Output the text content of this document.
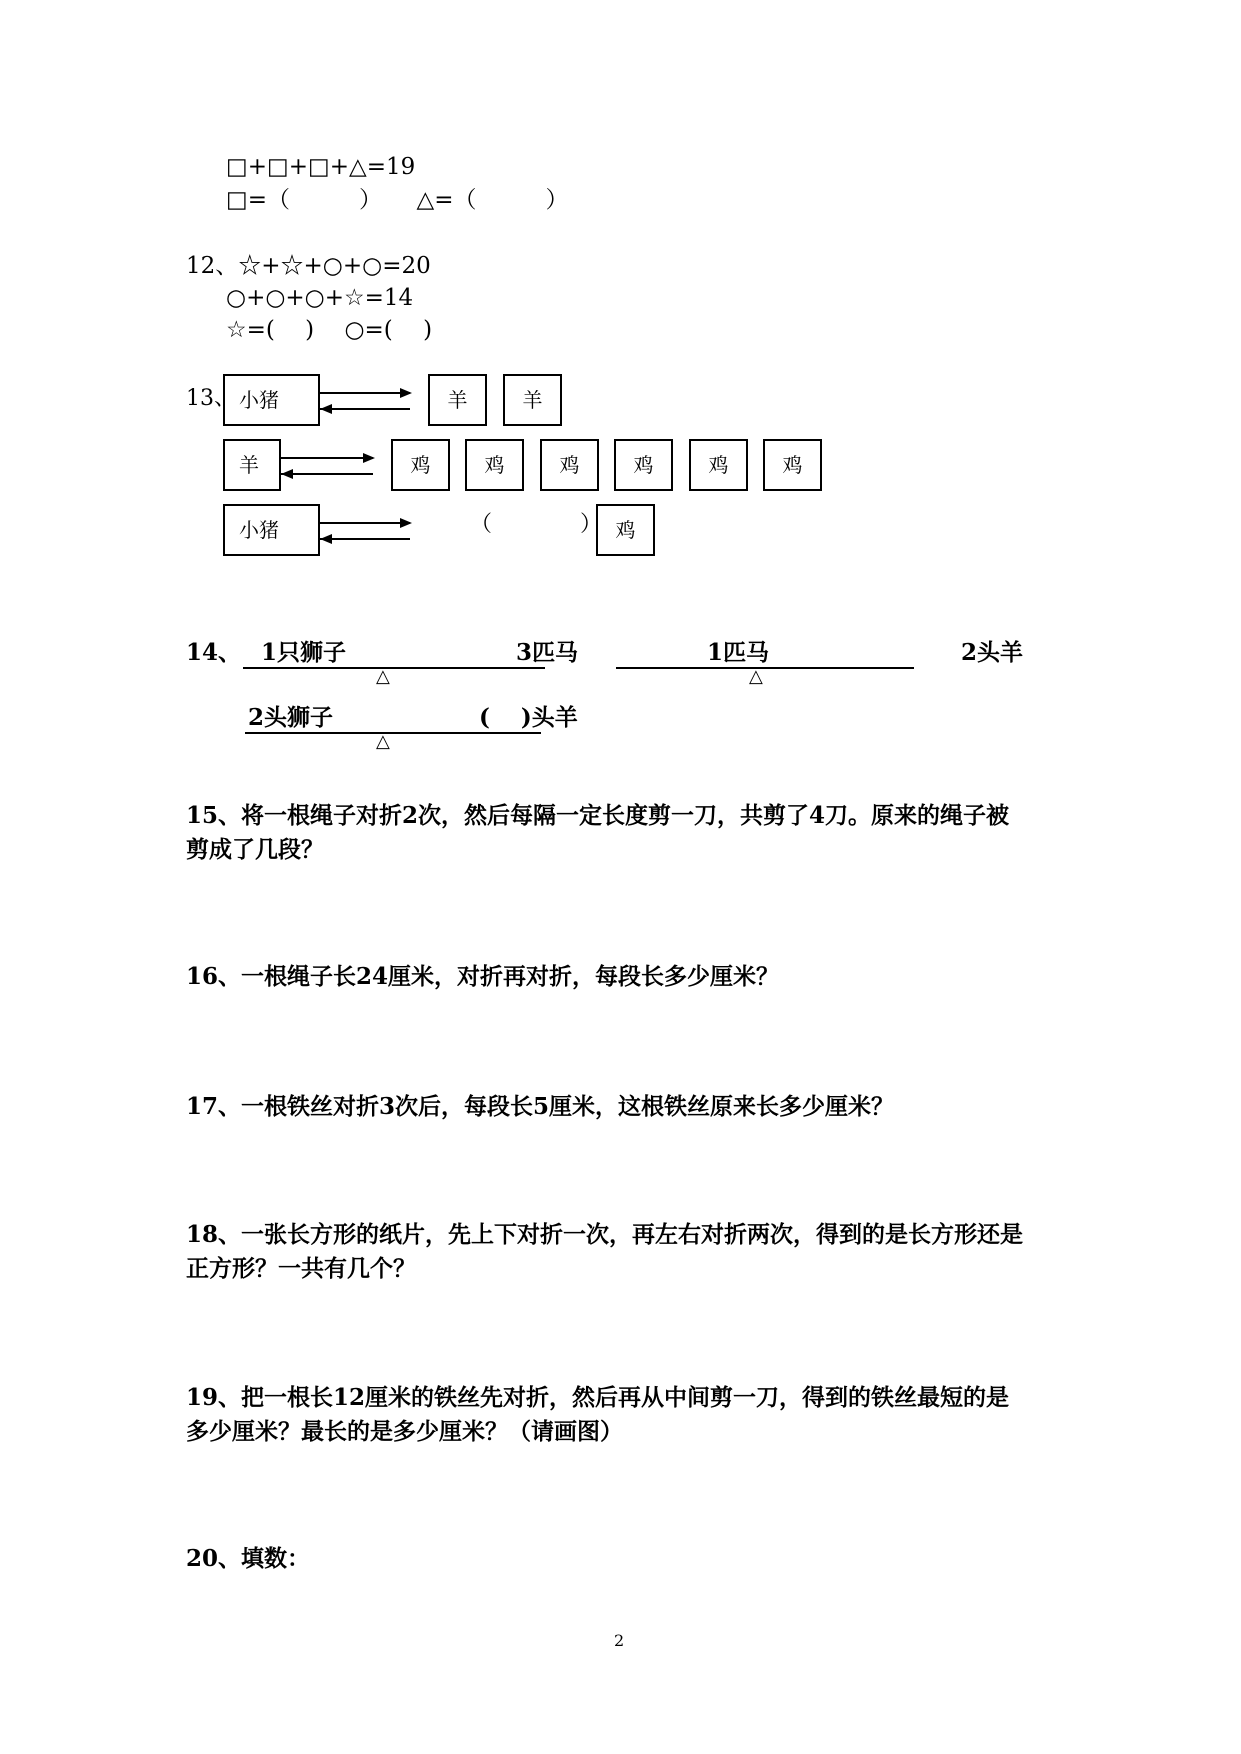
□+□+□+△=19
□=（　　　）　　△=（　　　）
12、☆+☆+○+○=20
○+○+○+☆=14
☆=(　 )　 ○=(　 )
13、 小猪	羊	羊
羊	鸡	鸡	鸡	鸡	鸡	鸡
小猪	（　　　　） 鸡
14、 1只狮子	3匹马
△
1匹马	2头羊
△
2头狮子	(　 )头羊
△
15、将一根绳子对折2次，然后每隔一定长度剪一刀，共剪了4刀。原来的绳子被
剪成了几段？
16、一根绳子长24厘米，对折再对折，每段长多少厘米？
17、一根铁丝对折3次后，每段长5厘米，这根铁丝原来长多少厘米？
18、一张长方形的纸片，先上下对折一次，再左右对折两次，得到的是长方形还是
正方形？一共有几个？
19、把一根长12厘米的铁丝先对折，然后再从中间剪一刀，得到的铁丝最短的是
多少厘米？最长的是多少厘米？（请画图）
20、填数：
2
